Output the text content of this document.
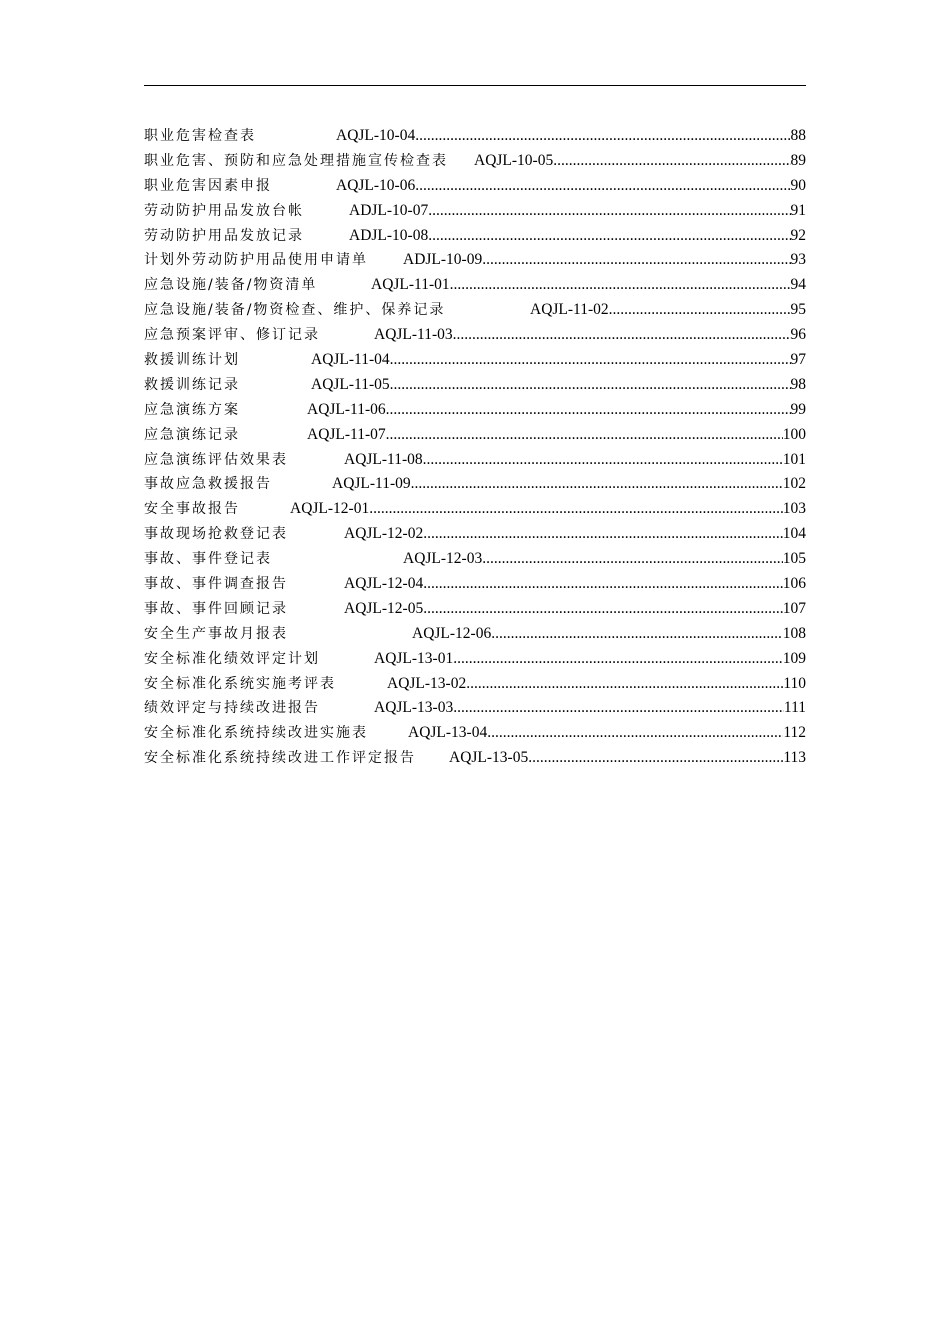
职业危害检查表	AQJL-10-04 .....	88
职业危害、预防和应急处理措施宣传检查表	AQJL-10-05 .....	89
职业危害因素申报	AQJL-10-06 .....	90
劳动防护用品发放台帐	ADJL-10-07 .....	91
劳动防护用品发放记录	ADJL-10-08 .....	92
计划外劳动防护用品使用申请单	ADJL-10-09 .....	93
应急设施/装备/物资清单	AQJL-11-01 .....	94
应急设施/装备/物资检查、维护、保养记录	AQJL-11-02 .....	95
应急预案评审、修订记录	AQJL-11-03 .....	96
救援训练计划	AQJL-11-04 .....	97
救援训练记录	AQJL-11-05 .....	98
应急演练方案	AQJL-11-06 .....	99
应急演练记录	AQJL-11-07 .....	100
应急演练评估效果表	AQJL-11-08 .....	101
事故应急救援报告	AQJL-11-09 .....	102
安全事故报告	AQJL-12-01 .....	103
事故现场抢救登记表	AQJL-12-02 .....	104
事故、事件登记表	AQJL-12-03 .....	105
事故、事件调查报告	AQJL-12-04 .....	106
事故、事件回顾记录	AQJL-12-05 .....	107
安全生产事故月报表	AQJL-12-06 .....	108
安全标准化绩效评定计划	AQJL-13-01 .....	109
安全标准化系统实施考评表	AQJL-13-02 .....	110
绩效评定与持续改进报告	AQJL-13-03 .....	111
安全标准化系统持续改进实施表	AQJL-13-04 .....	112
安全标准化系统持续改进工作评定报告	AQJL-13-05 .....	113
